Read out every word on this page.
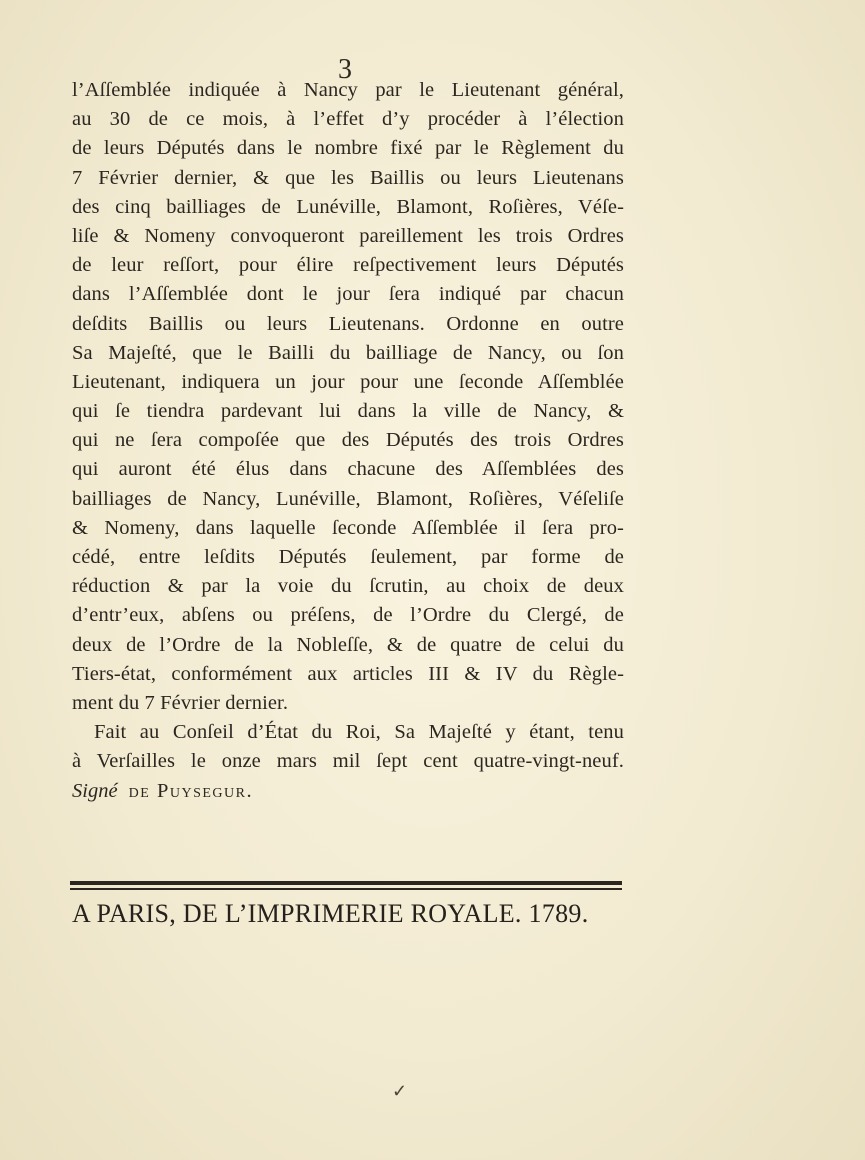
3
l’Aſſemblée indiquée à Nancy par le Lieutenant général,
au 30 de ce mois, à l’effet d’y procéder à l’élection
de leurs Députés dans le nombre fixé par le Règlement du
7 Février dernier, & que les Baillis ou leurs Lieutenans
des cinq bailliages de Lunéville, Blamont, Roſières, Véſe-
liſe & Nomeny convoqueront pareillement les trois Ordres
de leur reſſort, pour élire reſpectivement leurs Députés
dans l’Aſſemblée dont le jour ſera indiqué par chacun
deſdits Baillis ou leurs Lieutenans. Ordonne en outre
Sa Majeſté, que le Bailli du bailliage de Nancy, ou ſon
Lieutenant, indiquera un jour pour une ſeconde Aſſemblée
qui ſe tiendra pardevant lui dans la ville de Nancy, &
qui ne ſera compoſée que des Députés des trois Ordres
qui auront été élus dans chacune des Aſſemblées des
bailliages de Nancy, Lunéville, Blamont, Roſières, Véſeliſe
& Nomeny, dans laquelle ſeconde Aſſemblée il ſera pro-
cédé, entre leſdits Députés ſeulement, par forme de
réduction & par la voie du ſcrutin, au choix de deux
d’entr’eux, abſens ou préſens, de l’Ordre du Clergé, de
deux de l’Ordre de la Nobleſſe, & de quatre de celui du
Tiers-état, conformément aux articles III & IV du Règle-
ment du 7 Février dernier.
Fait au Conſeil d’État du Roi, Sa Majeſté y étant, tenu
à Verſailles le onze mars mil ſept cent quatre-vingt-neuf.
Signé de Puysegur.
A PARIS, DE L’IMPRIMERIE ROYALE. 1789.
✓
